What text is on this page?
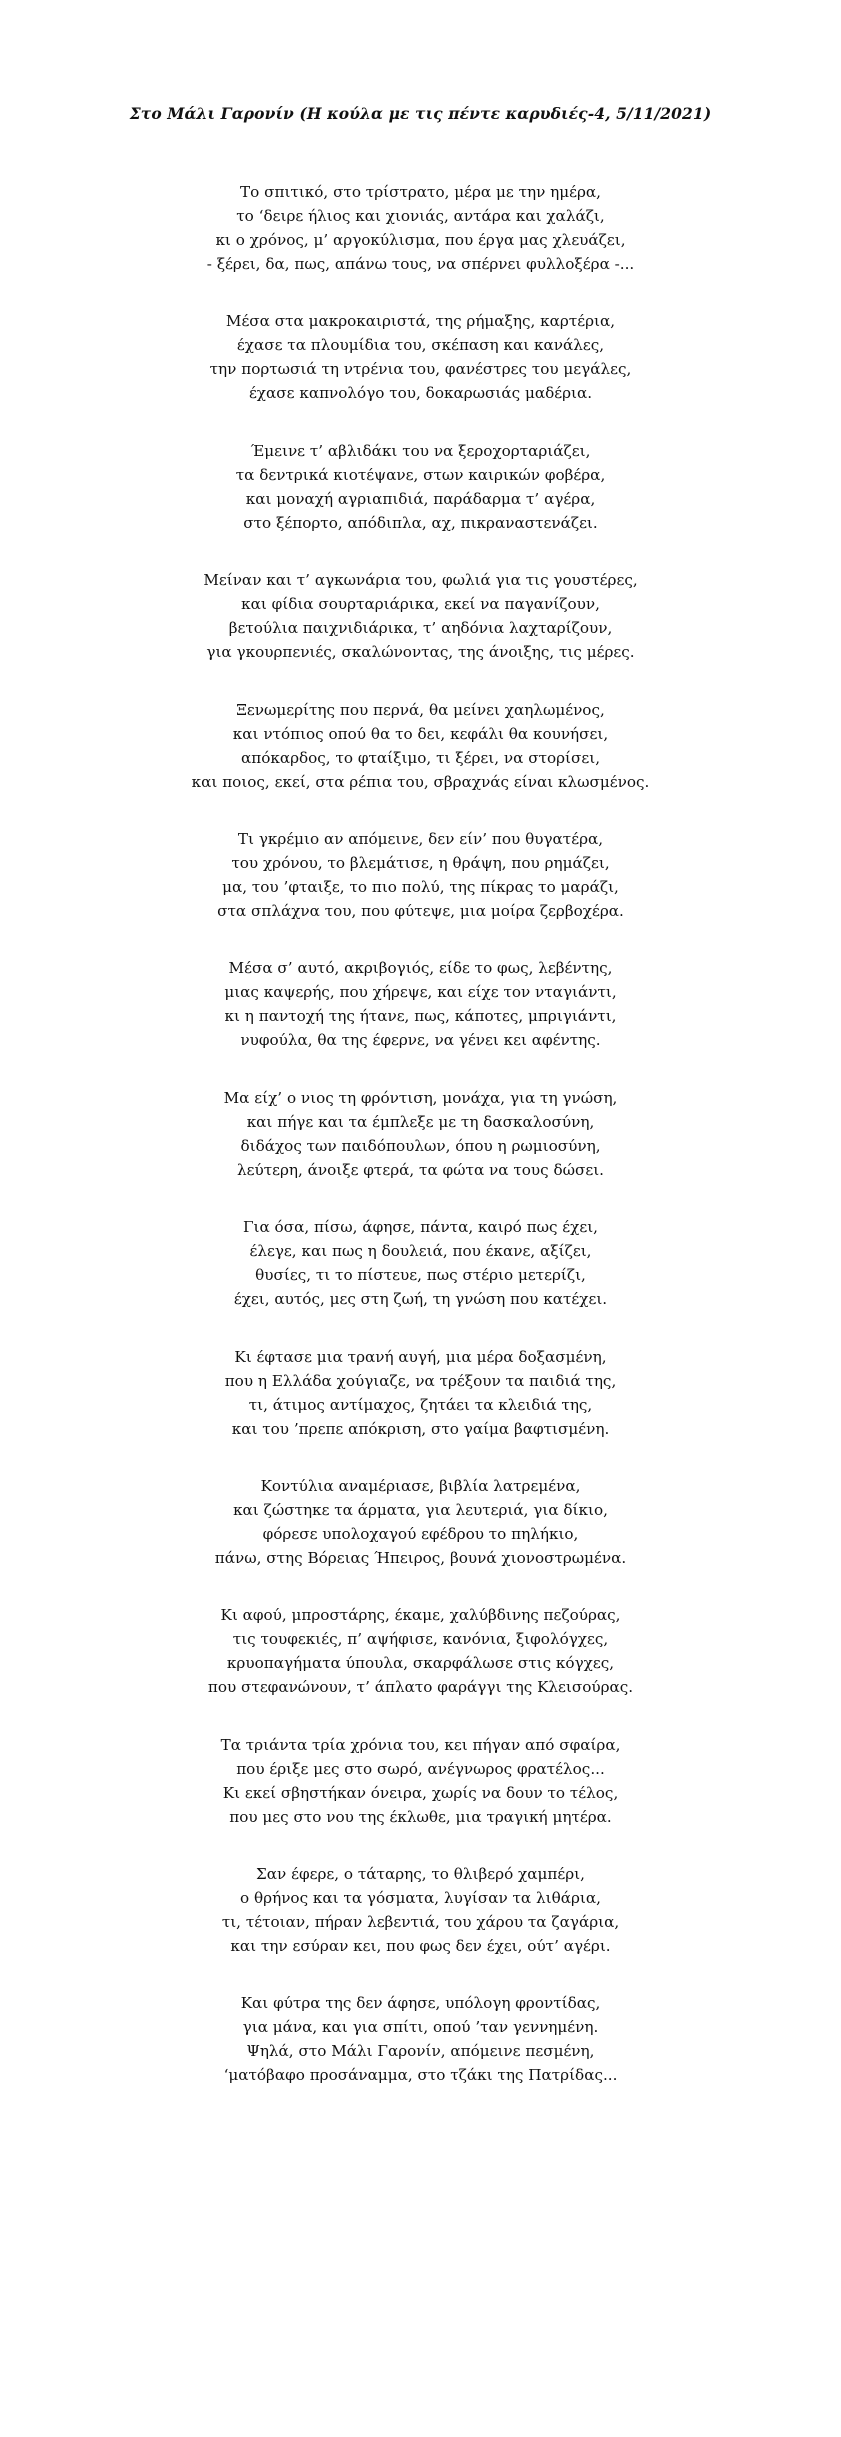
Στο Μάλι Γαρονίν (Η κούλα με τις πέντε καρυδιές-4, 5/11/2021)
Το σπιτικό, στο τρίστρατο, μέρα με την ημέρα,
το ‘δειρε ήλιος και χιονιάς, αντάρα και χαλάζι,
κι ο χρόνος, μ’ αργοκύλισμα, που έργα μας χλευάζει,
- ξέρει, δα, πως, απάνω τους, να σπέρνει φυλλοξέρα -...
Μέσα στα μακροκαιριστά, της ρήμαξης, καρτέρια,
έχασε τα πλουμίδια του, σκέπαση και κανάλες,
την πορτωσιά τη ντρένια του, φανέστρες του μεγάλες,
έχασε καπνολόγο του, δοκαρωσιάς μαδέρια.
Έμεινε τ’ αβλιδάκι του να ξεροχορταριάζει,
τα δεντρικά κιοτέψανε, στων καιρικών φοβέρα,
και μοναχή αγριαπιδιά, παράδαρμα τ’ αγέρα,
στο ξέπορτο, απόδιπλα, αχ, πικραναστενάζει.
Μείναν και τ’ αγκωνάρια του, φωλιά για τις γουστέρες,
και φίδια σουρταριάρικα, εκεί να παγανίζουν,
βετούλια παιχνιδιάρικα, τ’ αηδόνια λαχταρίζουν,
για γκουρπενιές, σκαλώνοντας, της άνοιξης, τις μέρες.
Ξενωμερίτης που περνά, θα μείνει χαηλωμένος,
και ντόπιος οπού θα το δει, κεφάλι θα κουνήσει,
απόκαρδος, το φταίξιμο, τι ξέρει, να στορίσει,
και ποιος, εκεί, στα ρέπια του, σβραχνάς είναι κλωσμένος.
Τι γκρέμιο αν απόμεινε, δεν είν’ που θυγατέρα,
του χρόνου, το βλεμάτισε, η θράψη, που ρημάζει,
μα, του ’φταιξε, το πιο πολύ, της πίκρας το μαράζι,
στα σπλάχνα του, που φύτεψε, μια μοίρα ζερβοχέρα.
Μέσα σ’ αυτό, ακριβογιός, είδε το φως, λεβέντης,
μιας καψερής, που χήρεψε, και είχε τον νταγιάντι,
κι η παντοχή της ήτανε, πως, κάποτες, μπριγιάντι,
νυφούλα, θα της έφερνε, να γένει κει αφέντης.
Μα είχ’ ο νιος τη φρόντιση, μονάχα, για τη γνώση,
και πήγε και τα έμπλεξε με τη δασκαλοσύνη,
διδάχος των παιδόπουλων, όπου η ρωμιοσύνη,
λεύτερη, άνοιξε φτερά, τα φώτα να τους δώσει.
Για όσα, πίσω, άφησε, πάντα, καιρό πως έχει,
έλεγε, και πως η δουλειά, που έκανε, αξίζει,
θυσίες, τι το πίστευε, πως στέριο μετερίζι,
έχει, αυτός, μες στη ζωή, τη γνώση που κατέχει.
Κι έφτασε μια τρανή αυγή, μια μέρα δοξασμένη,
που η Ελλάδα χούγιαζε, να τρέξουν τα παιδιά της,
τι, άτιμος αντίμαχος, ζητάει τα κλειδιά της,
και του ’πρεπε απόκριση, στο γαίμα βαφτισμένη.
Κοντύλια αναμέριασε, βιβλία λατρεμένα,
και ζώστηκε τα άρματα, για λευτεριά, για δίκιο,
φόρεσε υπολοχαγού εφέδρου το πηλήκιο,
πάνω, στης Βόρειας Ήπειρος, βουνά χιονοστρωμένα.
Κι αφού, μπροστάρης, έκαμε, χαλύβδινης πεζούρας,
τις τουφεκιές, π’ αψήφισε, κανόνια, ξιφολόγχες,
κρυοπαγήματα ύπουλα, σκαρφάλωσε στις κόγχες,
που στεφανώνουν, τ’ άπλατο φαράγγι της Κλεισούρας.
Τα τριάντα τρία χρόνια του, κει πήγαν από σφαίρα,
που έριξε μες στο σωρό, ανέγνωρος φρατέλος...
Κι εκεί σβηστήκαν όνειρα, χωρίς να δουν το τέλος,
που μες στο νου της έκλωθε, μια τραγική μητέρα.
Σαν έφερε, ο τάταρης, το θλιβερό χαμπέρι,
ο θρήνος και τα γόσματα, λυγίσαν τα λιθάρια,
τι, τέτοιαν, πήραν λεβεντιά, του χάρου τα ζαγάρια,
και την εσύραν κει, που φως δεν έχει, ούτ’ αγέρι.
Και φύτρα της δεν άφησε, υπόλογη φροντίδας,
για μάνα, και για σπίτι, οπού ’ταν γεννημένη.
Ψηλά, στο Μάλι Γαρονίν, απόμεινε πεσμένη,
‘ματόβαφο προσάναμμα, στο τζάκι της Πατρίδας...
